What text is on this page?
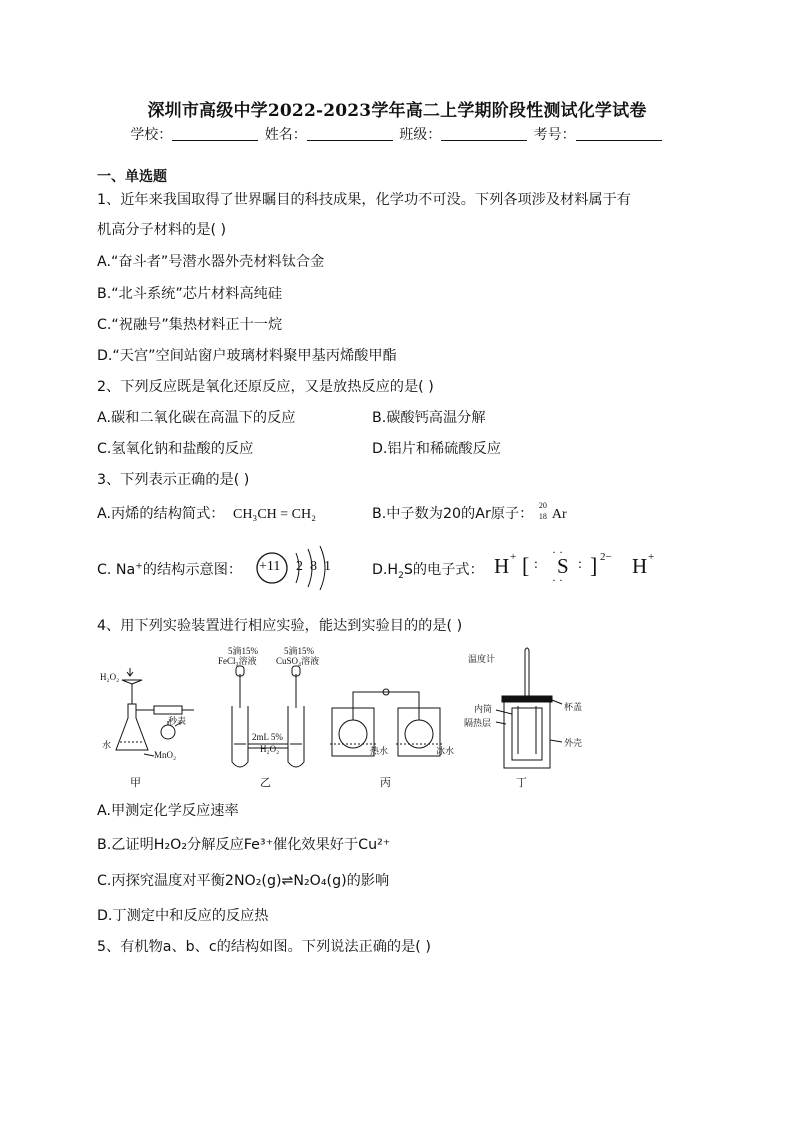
深圳市高级中学2022-2023学年高二上学期阶段性测试化学试卷
学校：	姓名：	班级：	考号：
一、单选题
1、近年来我国取得了世界瞩目的科技成果，化学功不可没。下列各项涉及材料属于有
机高分子材料的是( )
A.“奋斗者”号潜水器外壳材料钛合金
B.“北斗系统”芯片材料高纯硅
C.“祝融号”集热材料正十一烷
D.“天宫”空间站窗户玻璃材料聚甲基丙烯酸甲酯
2、下列反应既是氧化还原反应，又是放热反应的是( )
A.碳和二氧化碳在高温下的反应	B.碳酸钙高温分解
C.氢氧化钠和盐酸的反应	D.铝片和稀硫酸反应
3、下列表示正确的是( )
A.丙烯的结构简式： CH₃CH = CH₂	B.中子数为20的Ar原子：
20
18 Ar
C. Na+的结构示意图： +11 2 8 1	$D.H_2S$的电子式： H + [ :
··
S
··
: ] 2− H +
4、用下列实验装置进行相应实验，能达到实验目的的是( )
H₂O₂
秒表
水
MnO₂
5滴15%
FeCl₃溶液
5滴15%
CuSO₄溶液
2mL 5%
H₂O₂	热水	冰水
温度计
杯盖
内筒
隔热层
外壳
甲	乙	丙	丁
A.甲测定化学反应速率
B.乙证明H₂O₂分解反应Fe³⁺催化效果好于Cu²⁺
C.丙探究温度对平衡2NO₂(g)⇌N₂O₄(g)的影响
D.丁测定中和反应的反应热
5、有机物a、b、c的结构如图。下列说法正确的是( )
